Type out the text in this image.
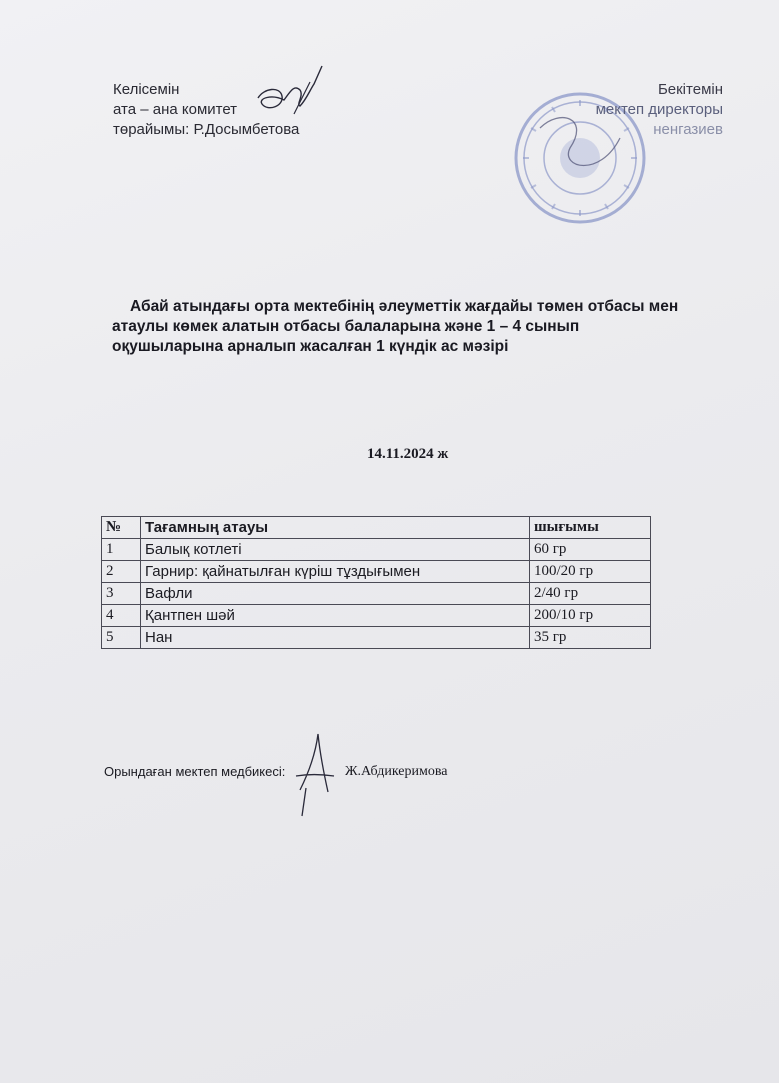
Келісемін
ата – ана комитет
төрайымы: Р.Досымбетова
Бекітемін
мектеп директоры
ненгазиев
Абай атындағы орта мектебінің әлеуметтік жағдайы төмен отбасы мен
атаулы көмек алатын отбасы балаларына және 1 – 4 сынып
оқушыларына арналып жасалған 1 күндік ас мәзірі
14.11.2024 ж
№	Тағамның атауы	шығымы
1	Балық котлеті	60 гр
2	Гарнир: қайнатылған күріш тұздығымен	100/20 гр
3	Вафли	2/40 гр
4	Қантпен шәй	200/10 гр
5	Нан	35 гр
Орындаған мектеп медбикесі:	Ж.Абдикеримова
